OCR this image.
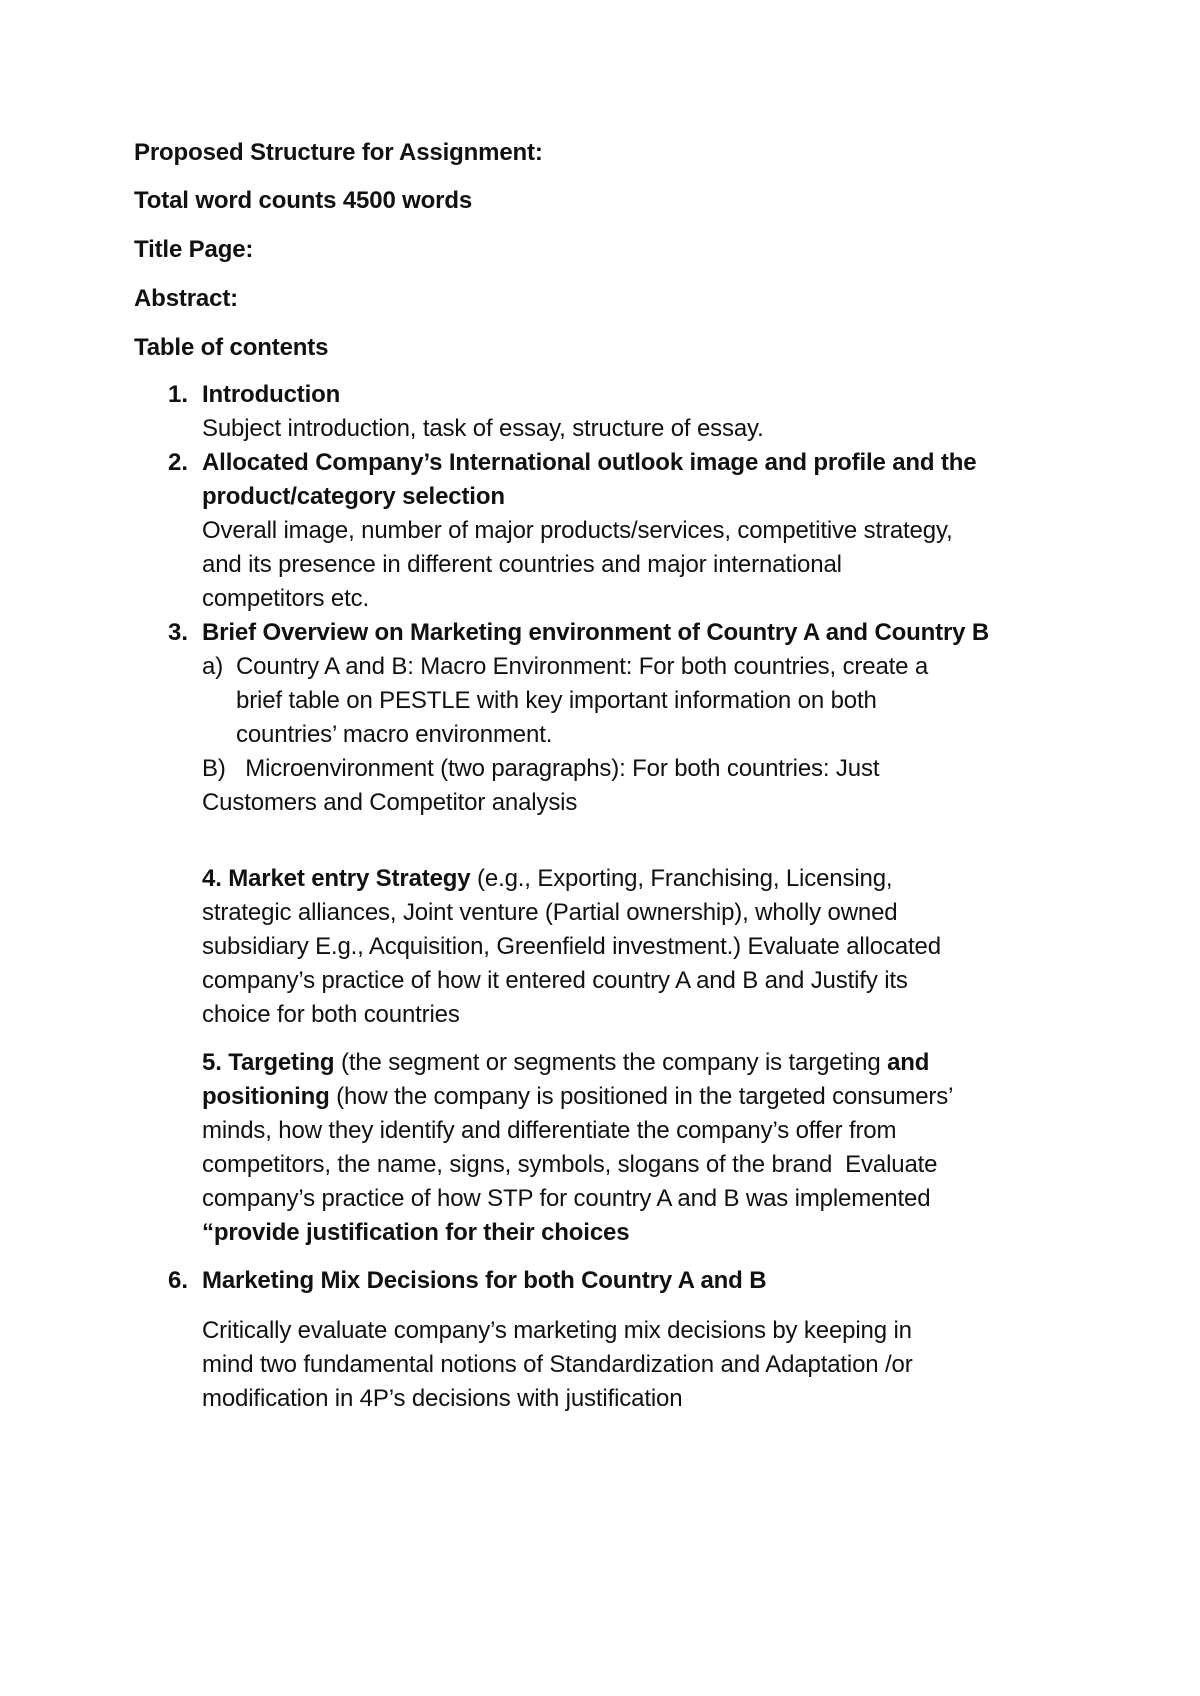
Proposed Structure for Assignment:
Total word counts 4500 words
Title Page:
Abstract:
Table of contents
1. Introduction
Subject introduction, task of essay, structure of essay.
2. Allocated Company’s International outlook image and profile and the
product/category selection
Overall image, number of major products/services, competitive strategy,
and its presence in different countries and major international
competitors etc.
3. Brief Overview on Marketing environment of Country A and Country B
a) Country A and B: Macro Environment: For both countries, create a
brief table on PESTLE with key important information on both
countries’ macro environment.
B)   Microenvironment (two paragraphs): For both countries: Just
Customers and Competitor analysis
4. Market entry Strategy (e.g., Exporting, Franchising, Licensing,
strategic alliances, Joint venture (Partial ownership), wholly owned
subsidiary E.g., Acquisition, Greenfield investment.) Evaluate allocated
company’s practice of how it entered country A and B and Justify its
choice for both countries
5. Targeting (the segment or segments the company is targeting and
positioning (how the company is positioned in the targeted consumers’
minds, how they identify and differentiate the company’s offer from
competitors, the name, signs, symbols, slogans of the brand  Evaluate
company’s practice of how STP for country A and B was implemented
“provide justification for their choices
6. Marketing Mix Decisions for both Country A and B
Critically evaluate company’s marketing mix decisions by keeping in
mind two fundamental notions of Standardization and Adaptation /or
modification in 4P’s decisions with justification
